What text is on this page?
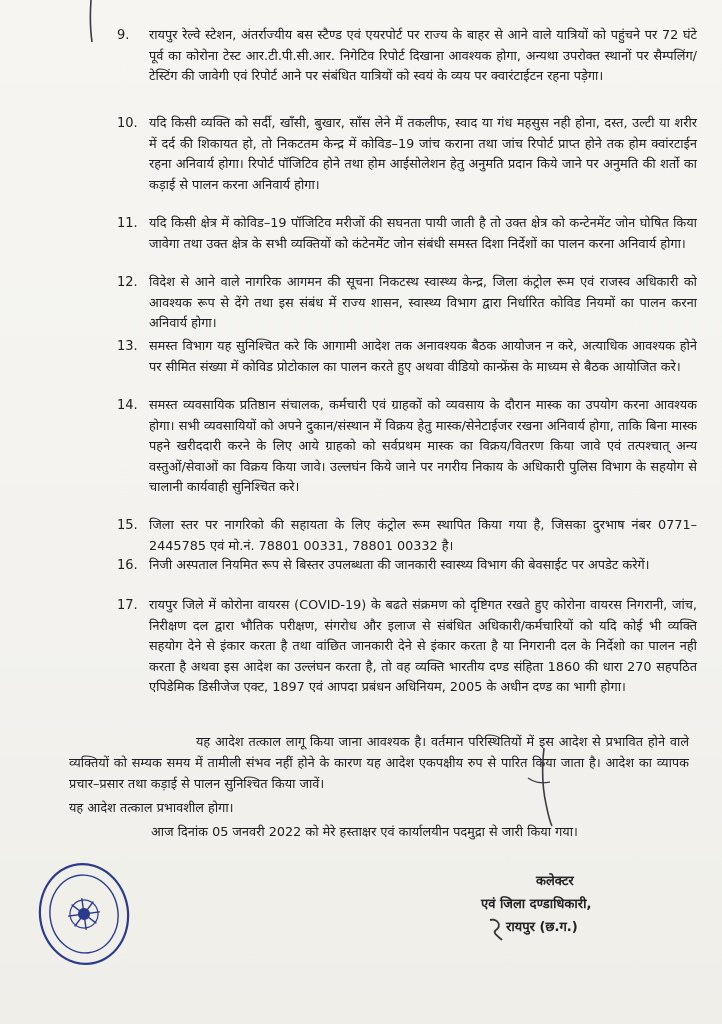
9.	रायपुर रेल्वे स्टेशन, अंतर्राज्यीय बस स्टैण्ड एवं एयरपोर्ट पर राज्य के बाहर से आने वाले यात्रियों को पहुंचने पर 72 घंटे पूर्व का कोरोना टेस्ट आर.टी.पी.सी.आर. निगेटिव रिपोर्ट दिखाना आवश्यक होगा, अन्यथा उपरोक्त स्थानों पर सैम्पलिंग/टेस्टिंग की जावेगी एवं रिपोर्ट आने पर संबंधित यात्रियों को स्वयं के व्यय पर क्वारंटाईटन रहना पड़ेगा।
10. यदि किसी व्यक्ति को सर्दी, खाँसी, बुखार, साँस लेने में तकलीफ, स्वाद या गंध महसुस नही होना, दस्त, उल्टी या शरीर में दर्द की शिकायत हो, तो निकटतम केन्द्र में कोविड–19 जांच कराना तथा जांच रिपोर्ट प्राप्त होने तक होम क्वांरटाईन रहना अनिवार्य होगा। रिपोर्ट पॉजिटिव होने तथा होम आईसोलेशन हेतु अनुमति प्रदान किये जाने पर अनुमति की शर्तो का कड़ाई से पालन करना अनिवार्य होगा।
11. यदि किसी क्षेत्र में कोविड–19 पॉजिटिव मरीजों की सघनता पायी जाती है तो उक्त क्षेत्र को कन्टेनमेंट जोन घोषित किया जावेगा तथा उक्त क्षेत्र के सभी व्यक्तियों को कंटेनमेंट जोन संबंधी समस्त दिशा निर्देशों का पालन करना अनिवार्य होगा।
12. विदेश से आने वाले नागरिक आगमन की सूचना निकटस्थ स्वास्थ्य केन्द्र, जिला कंट्रोल रूम एवं राजस्व अधिकारी को आवश्यक रूप से देंगे तथा इस संबंध में राज्य शासन, स्वास्थ्य विभाग द्वारा निर्धारित कोविड नियमों का पालन करना अनिवार्य होगा।
13. समस्त विभाग यह सुनिश्चित करे कि आगामी आदेश तक अनावश्यक बैठक आयोजन न करे, अत्याधिक आवश्यक होने पर सीमित संख्या में कोविड प्रोटोकाल का पालन करते हुए अथवा वीडियो कान्फ्रेंस के माध्यम से बैठक आयोजित करे।
14. समस्त व्यवसायिक प्रतिष्ठान संचालक, कर्मचारी एवं ग्राहकों को व्यवसाय के दौरान मास्क का उपयोग करना आवश्यक होगा। सभी व्यवसायियों को अपने दुकान/संस्थान में विक्रय हेतु मास्क/सेनेटाईजर रखना अनिवार्य होगा, ताकि बिना मास्क पहने खरीददारी करने के लिए आये ग्राहको को सर्वप्रथम मास्क का विक्रय/वितरण किया जावे एवं तत्पश्चात् अन्य वस्तुओं/सेवाओं का विक्रय किया जावे। उल्लघंन किये जाने पर नगरीय निकाय के अधिकारी पुलिस विभाग के सहयोग से चालानी कार्यवाही सुनिश्चित करे।
15. जिला स्तर पर नागरिको की सहायता के लिए कंट्रोल रूम स्थापित किया गया है, जिसका दुरभाष नंबर 0771– 2445785 एवं मो.नं. 78801 00331, 78801 00332 है।
16. निजी अस्पताल नियमित रूप से बिस्तर उपलब्धता की जानकारी स्वास्थ्य विभाग की बेवसाईट पर अपडेट करेगें।
17. रायपुर जिले में कोरोना वायरस (COVID-19) के बढते संक्रमण को दृष्टिगत रखते हुए कोरोना वायरस निगरानी, जांच, निरीक्षण दल द्वारा भौतिक परीक्षण, संगरोध और इलाज से संबंधित अधिकारी/कर्मचारियों को यदि कोई भी व्यक्ति सहयोग देने से इंकार करता है तथा वांछित जानकारी देने से इंकार करता है या निगरानी दल के निर्देशो का पालन नही करता है अथवा इस आदेश का उल्लंघन करता है, तो वह व्यक्ति भारतीय दण्ड संहिता 1860 की धारा 270 सहपठित एपिडेमिक डिसीजेज एक्ट, 1897 एवं आपदा प्रबंधन अधिनियम, 2005 के अधीन दण्ड का भागी होगा।
यह आदेश तत्काल लागू किया जाना आवश्यक है। वर्तमान परिस्थितियों में इस आदेश से प्रभावित होने वाले व्यक्तियों को सम्यक समय में तामीली संभव नहीं होने के कारण यह आदेश एकपक्षीय रुप से पारित किया जाता है। आदेश का व्यापक प्रचार–प्रसार तथा कड़ाई से पालन सुनिश्चित किया जावें।
यह आदेश तत्काल प्रभावशील होगा।
आज दिनांक 05 जनवरी 2022 को मेरे हस्ताक्षर एवं कार्यालयीन पदमुद्रा से जारी किया गया।
कलेक्टर
एवं जिला दण्डाधिकारी,
रायपुर (छ.ग.)
